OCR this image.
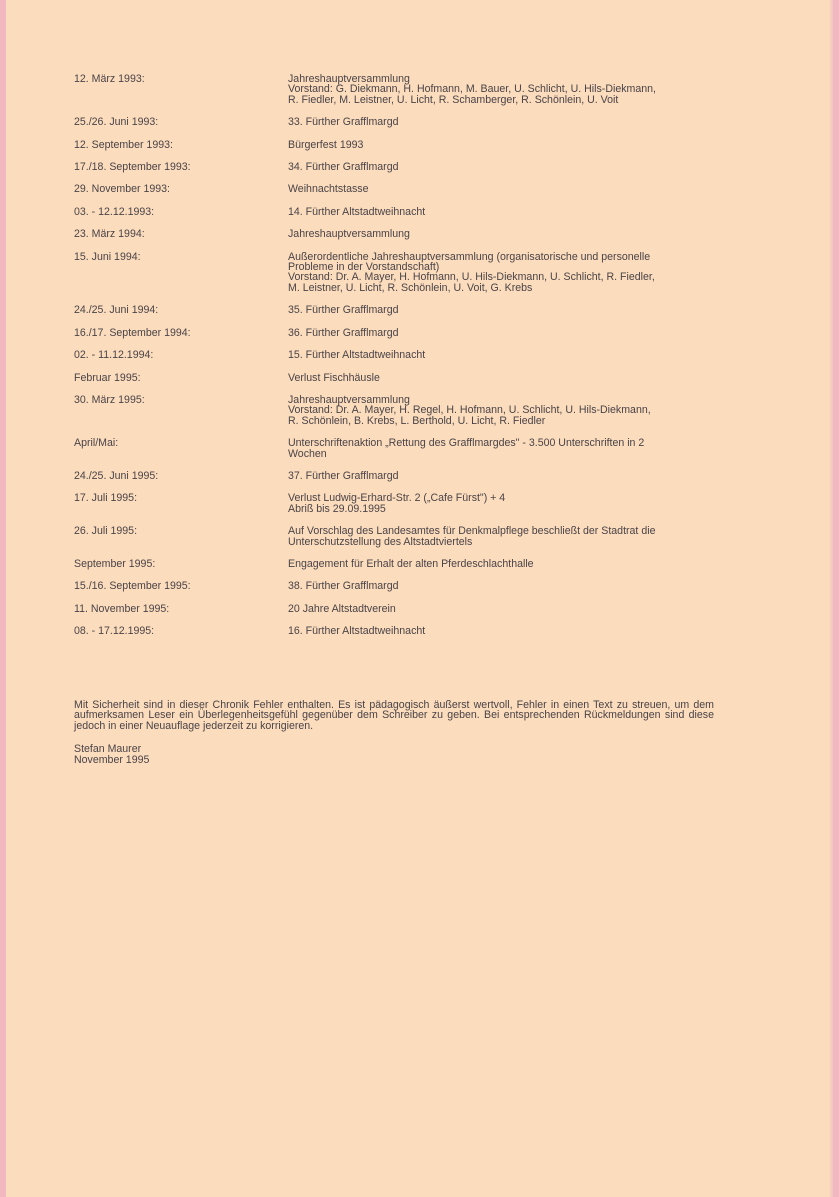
12. März 1993:	Jahreshauptversammlung
Vorstand: G. Diekmann, H. Hofmann, M. Bauer, U. Schlicht, U. Hils-Diekmann,
R. Fiedler, M. Leistner, U. Licht, R. Schamberger, R. Schönlein, U. Voit
25./26. Juni 1993:	33. Fürther Grafflmargd
12. September 1993:	Bürgerfest 1993
17./18. September 1993:	34. Fürther Grafflmargd
29. November 1993:	Weihnachtstasse
03. - 12.12.1993:	14. Fürther Altstadtweihnacht
23. März 1994:	Jahreshauptversammlung
15. Juni 1994:	Außerordentliche Jahreshauptversammlung (organisatorische und personelle
Probleme in der Vorstandschaft)
Vorstand: Dr. A. Mayer, H. Hofmann, U. Hils-Diekmann, U. Schlicht, R. Fiedler,
M. Leistner, U. Licht, R. Schönlein, U. Voit, G. Krebs
24./25. Juni 1994:	35. Fürther Grafflmargd
16./17. September 1994:	36. Fürther Grafflmargd
02. - 11.12.1994:	15. Fürther Altstadtweihnacht
Februar 1995:	Verlust Fischhäusle
30. März 1995:	Jahreshauptversammlung
Vorstand: Dr. A. Mayer, H. Regel, H. Hofmann, U. Schlicht, U. Hils-Diekmann,
R. Schönlein, B. Krebs, L. Berthold, U. Licht, R. Fiedler
April/Mai:	Unterschriftenaktion „Rettung des Grafflmargdes" - 3.500 Unterschriften in 2
Wochen
24./25. Juni 1995:	37. Fürther Grafflmargd
17. Juli 1995:	Verlust Ludwig-Erhard-Str. 2 („Cafe Fürst") + 4
Abriß bis 29.09.1995
26. Juli 1995:	Auf Vorschlag des Landesamtes für Denkmalpflege beschließt der Stadtrat die
Unterschutzstellung des Altstadtviertels
September 1995:	Engagement für Erhalt der alten Pferdeschlachthalle
15./16. September 1995:	38. Fürther Grafflmargd
11. November 1995:	20 Jahre Altstadtverein
08. - 17.12.1995:	16. Fürther Altstadtweihnacht

Mit Sicherheit sind in dieser Chronik Fehler enthalten. Es ist pädagogisch äußerst wertvoll, Fehler in einen Text zu streuen, um dem aufmerksamen Leser ein Überlegenheitsgefühl gegenüber dem Schreiber zu geben. Bei entsprechenden Rückmeldungen sind diese jedoch in einer Neuauflage jederzeit zu korrigieren.

Stefan Maurer
November 1995
